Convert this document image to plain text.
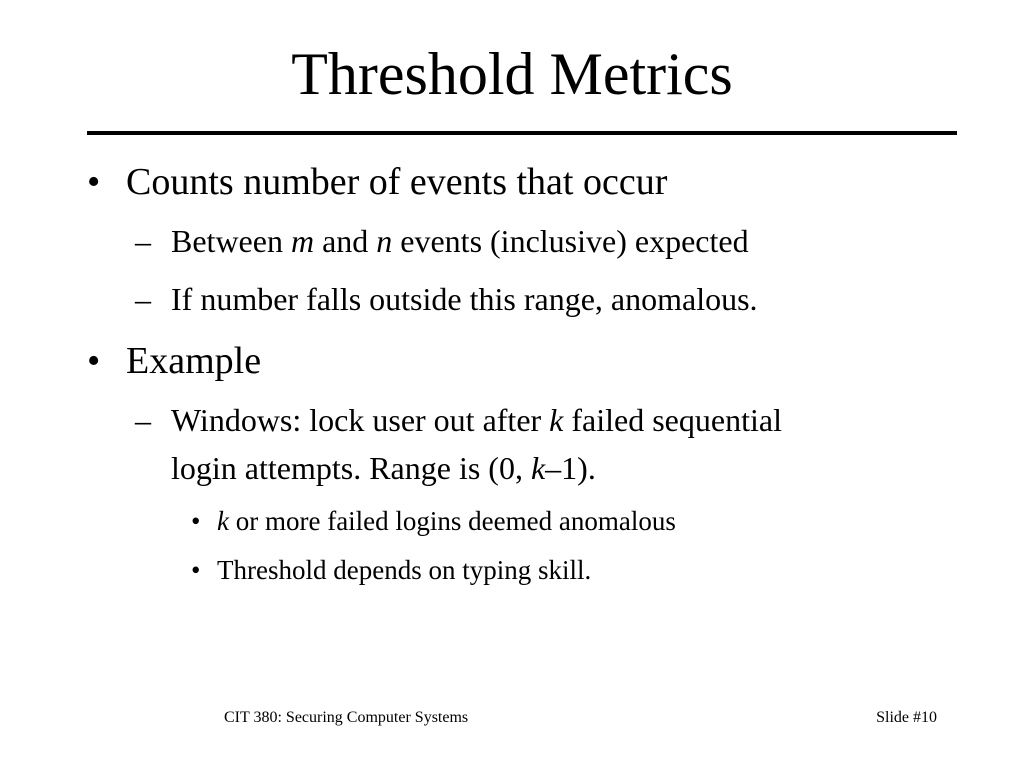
Threshold Metrics
• Counts number of events that occur
– Between m and n events (inclusive) expected
– If number falls outside this range, anomalous.
• Example
– Windows: lock user out after k failed sequential
login attempts. Range is (0, k–1).
• k or more failed logins deemed anomalous
• Threshold depends on typing skill.
CIT 380: Securing Computer Systems	Slide #10
